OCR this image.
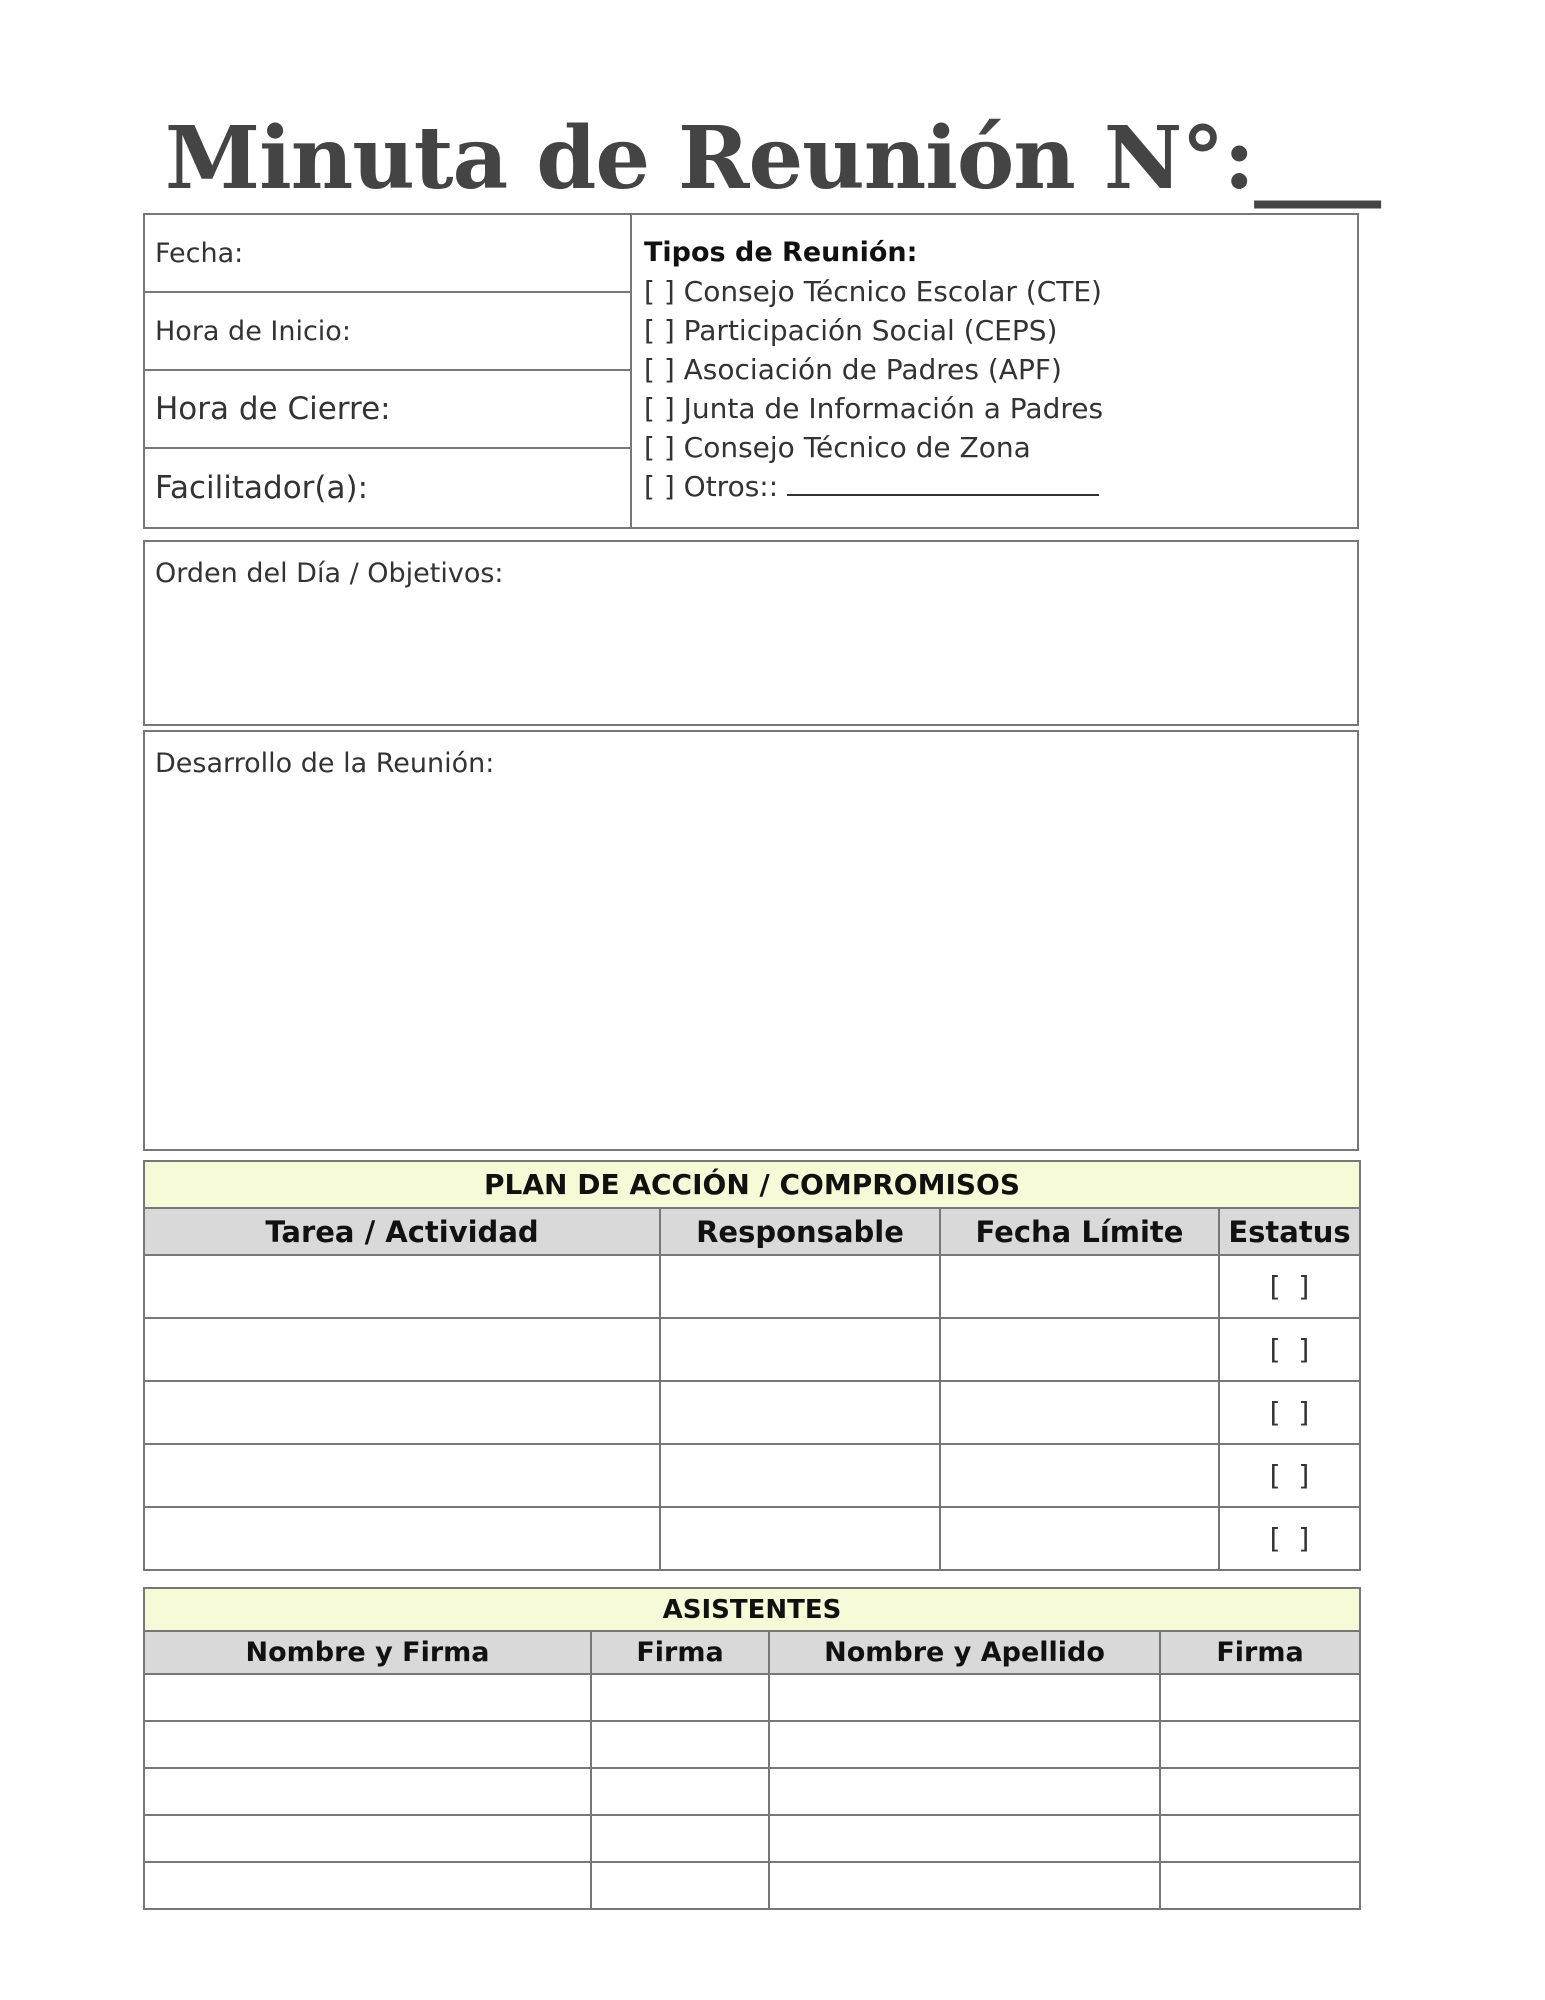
Minuta de Reunión N°:___
Fecha:
Hora de Inicio:
Hora de Cierre:
Facilitador(a):
Tipos de Reunión:
[ ] Consejo Técnico Escolar (CTE)
[ ] Participación Social (CEPS)
[ ] Asociación de Padres (APF)
[ ] Junta de Información a Padres
[ ] Consejo Técnico de Zona
[ ] Otros::
Orden del Día / Objetivos:
Desarrollo de la Reunión:
PLAN DE ACCIÓN / COMPROMISOS			
Tarea / Actividad	Responsable	Fecha Límite	Estatus
			[  ]
			[  ]
			[  ]
			[  ]
			[  ]
ASISTENTES			
Nombre y Firma	Firma	Nombre y Apellido	Firma
